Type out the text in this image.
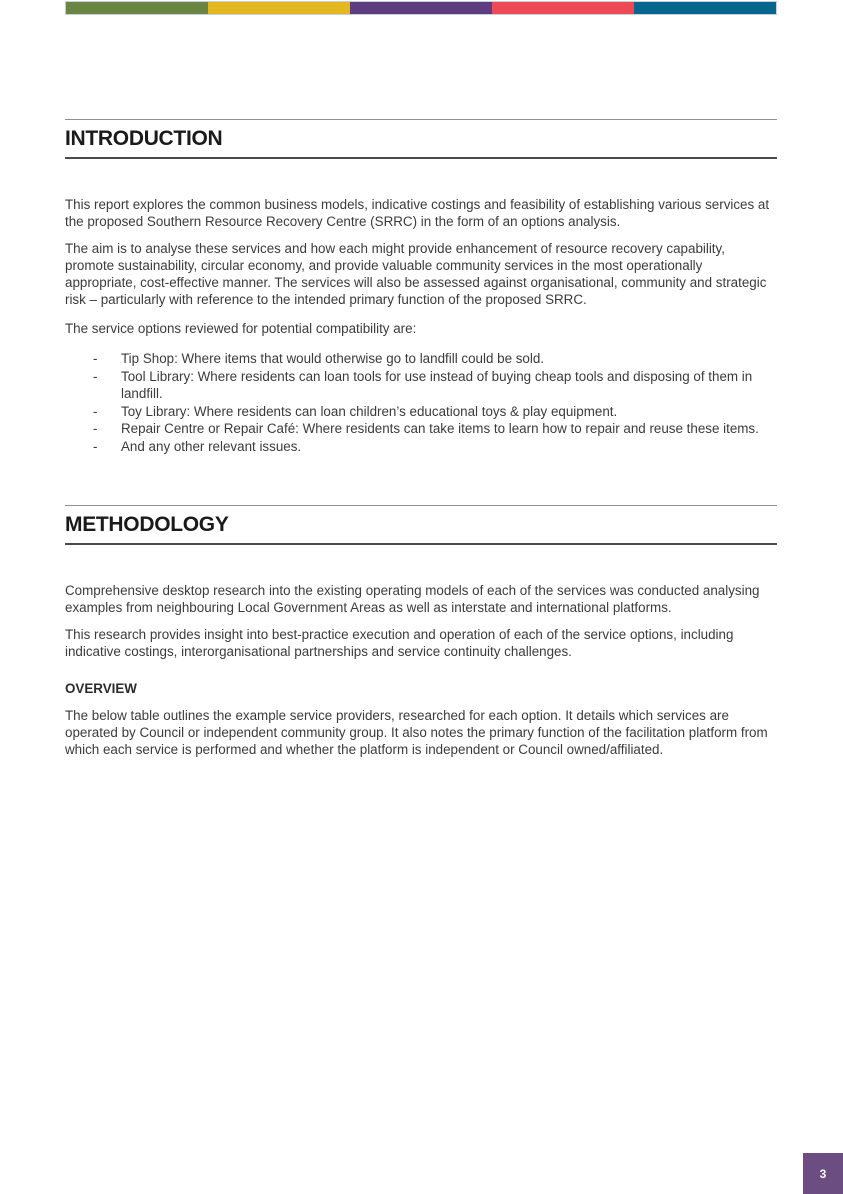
INTRODUCTION

This report explores the common business models, indicative costings and feasibility of establishing various services at the proposed Southern Resource Recovery Centre (SRRC) in the form of an options analysis.

The aim is to analyse these services and how each might provide enhancement of resource recovery capability, promote sustainability, circular economy, and provide valuable community services in the most operationally appropriate, cost-effective manner. The services will also be assessed against organisational, community and strategic risk – particularly with reference to the intended primary function of the proposed SRRC.

The service options reviewed for potential compatibility are:

-	Tip Shop: Where items that would otherwise go to landfill could be sold.
-	Tool Library: Where residents can loan tools for use instead of buying cheap tools and disposing of them in landfill.
-	Toy Library: Where residents can loan children’s educational toys & play equipment.
-	Repair Centre or Repair Café: Where residents can take items to learn how to repair and reuse these items.
-	And any other relevant issues.
METHODOLOGY

Comprehensive desktop research into the existing operating models of each of the services was conducted analysing examples from neighbouring Local Government Areas as well as interstate and international platforms.

This research provides insight into best-practice execution and operation of each of the service options, including indicative costings, interorganisational partnerships and service continuity challenges.

OVERVIEW

The below table outlines the example service providers, researched for each option. It details which services are operated by Council or independent community group. It also notes the primary function of the facilitation platform from which each service is performed and whether the platform is independent or Council owned/affiliated.

3
